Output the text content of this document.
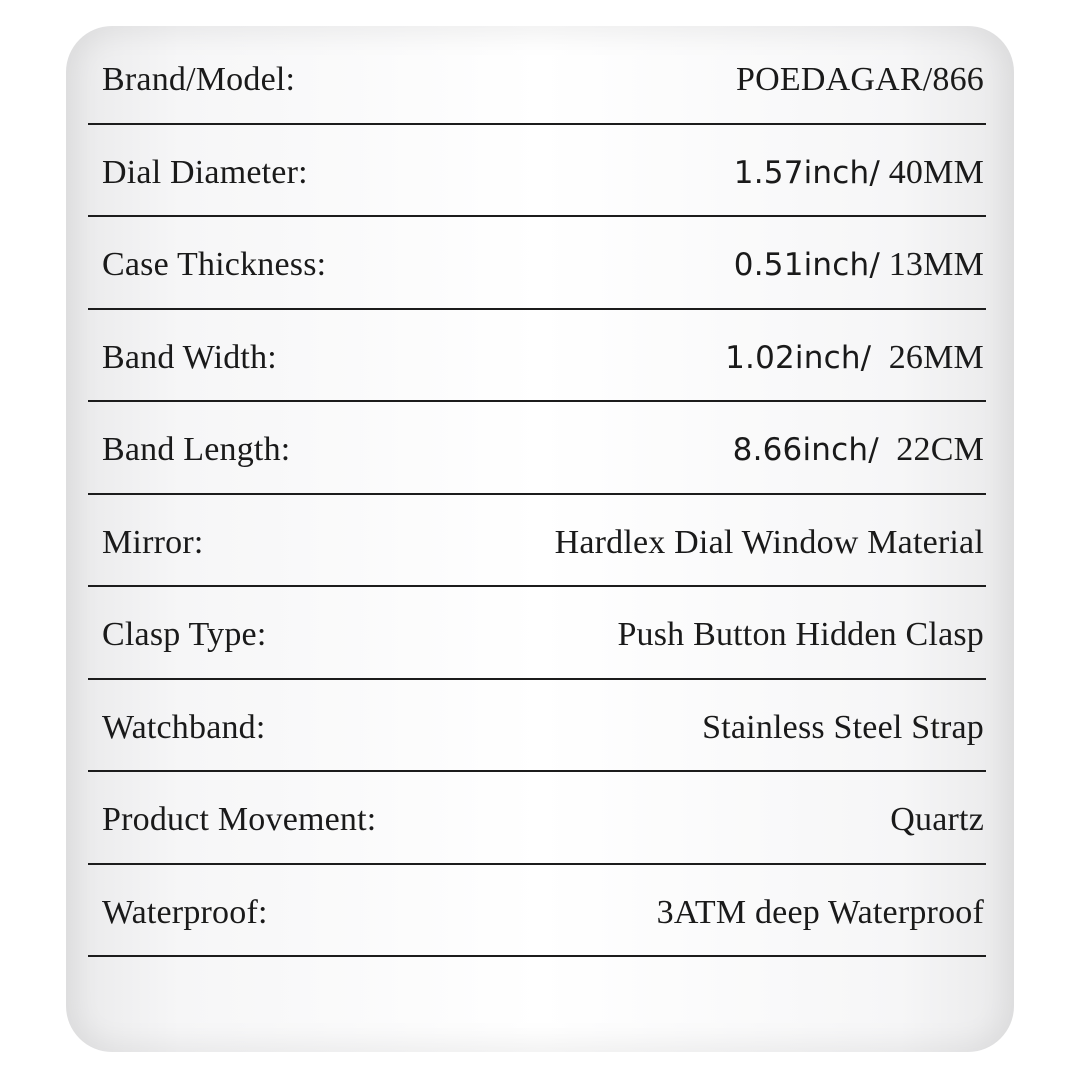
Brand/Model:	POEDAGAR/866
Dial Diameter:	1.57inch/ 40MM
Case Thickness:	0.51inch/ 13MM
Band Width:	1.02inch/  26MM
Band Length:	8.66inch/  22CM
Mirror:	Hardlex Dial Window Material
Clasp Type:	Push Button Hidden Clasp
Watchband:	Stainless Steel Strap
Product Movement:	Quartz
Waterproof:	3ATM deep Waterproof
